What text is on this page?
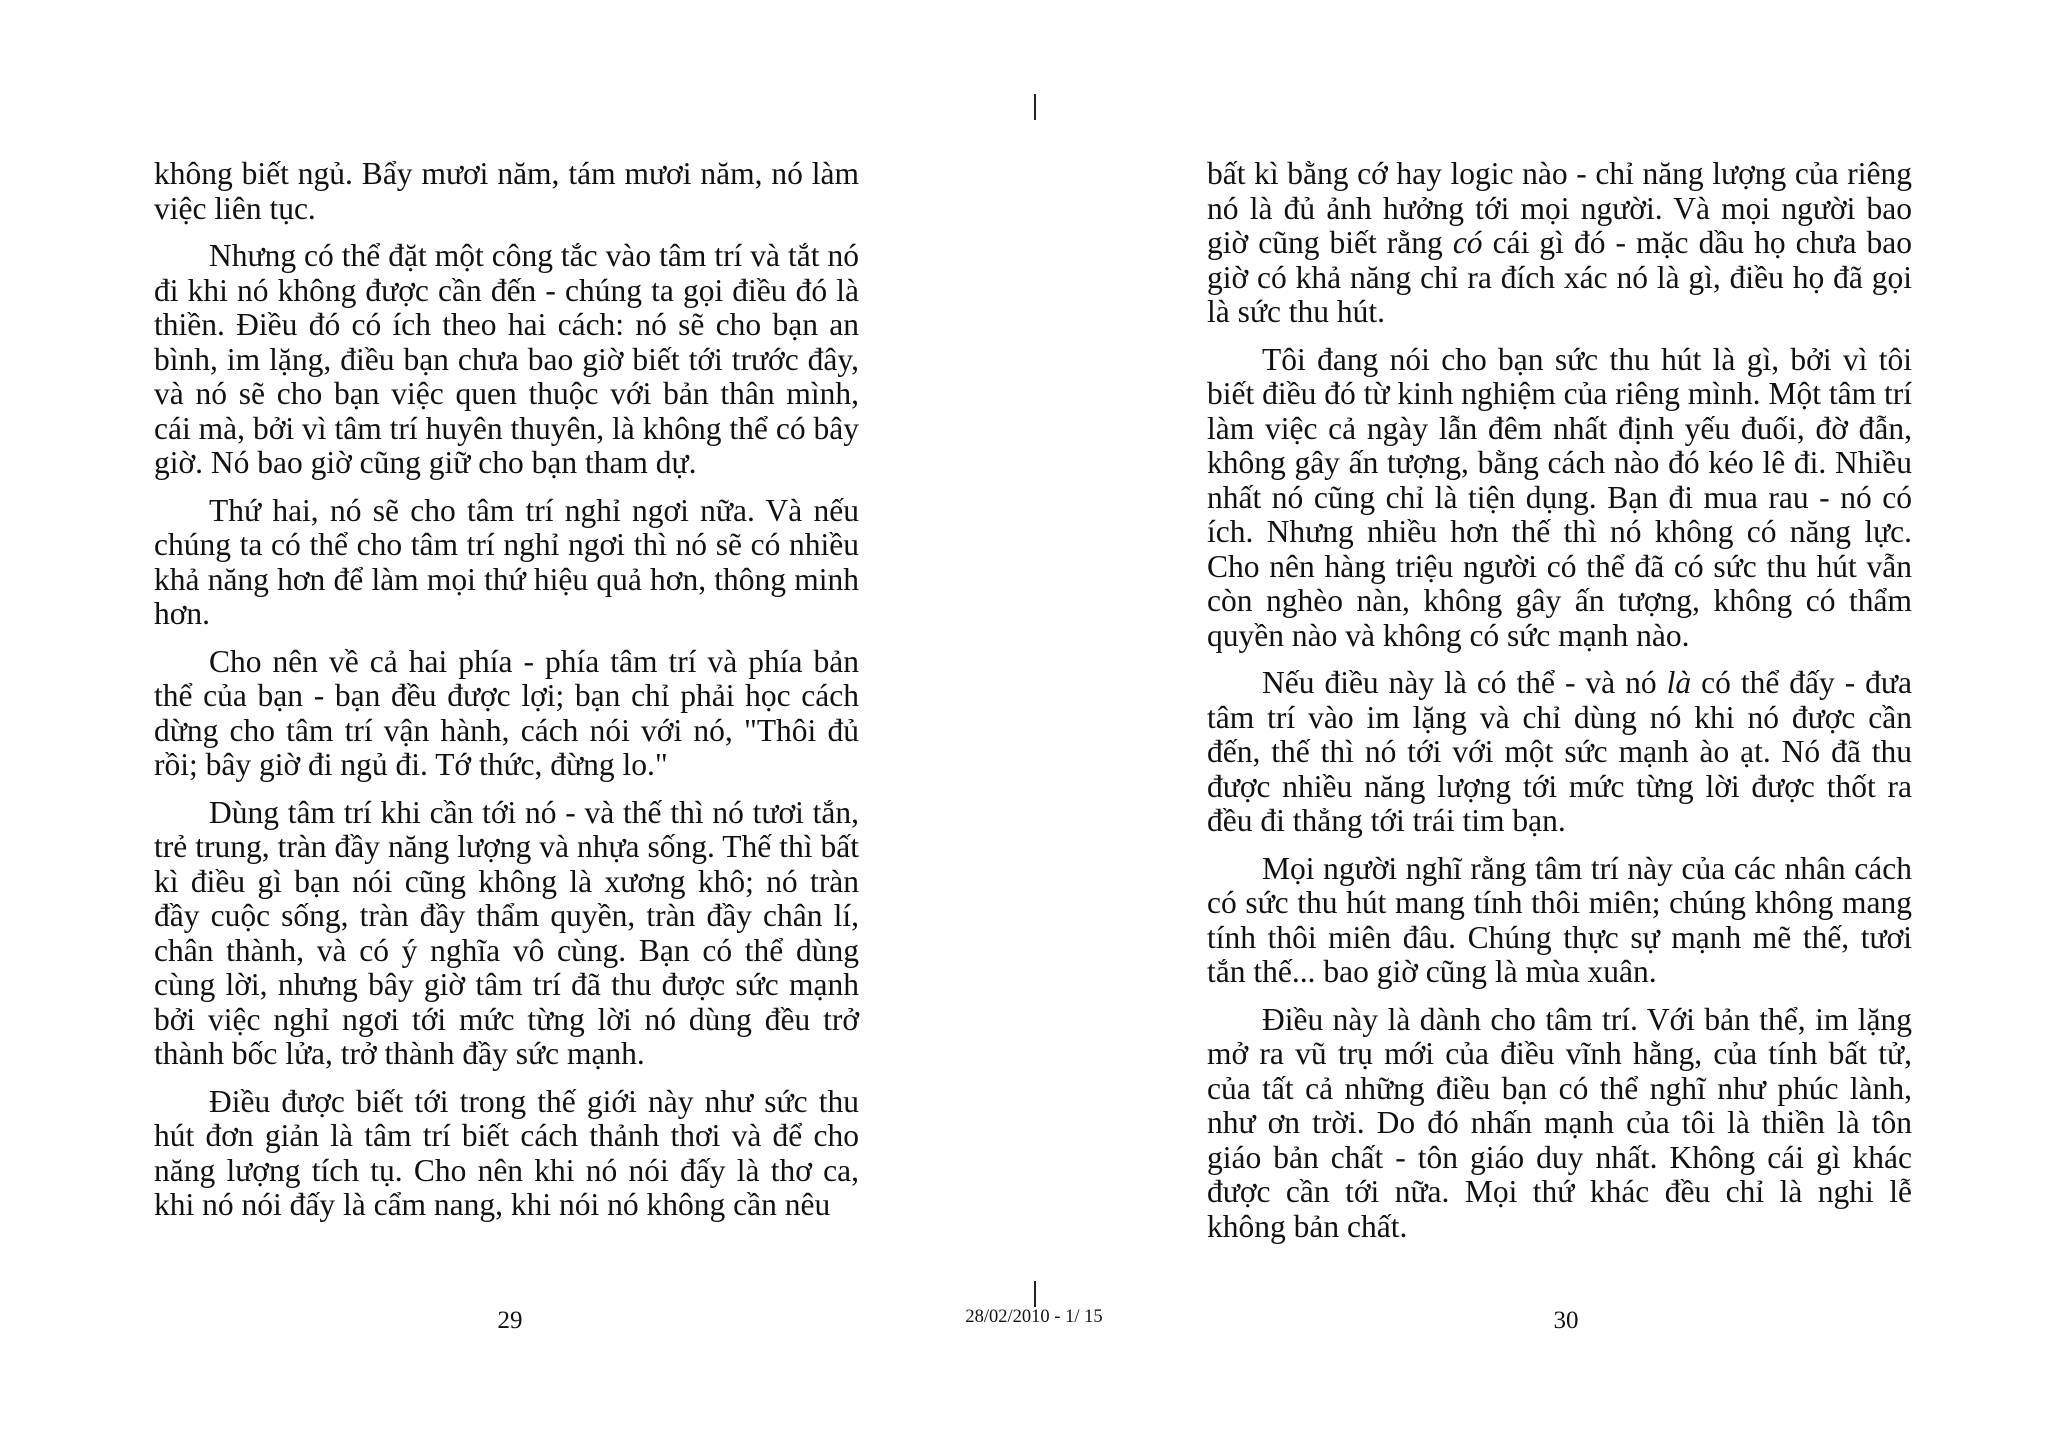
không biết ngủ. Bẩy mươi năm, tám mươi năm, nó làm việc liên tục.

Nhưng có thể đặt một công tắc vào tâm trí và tắt nó đi khi nó không được cần đến - chúng ta gọi điều đó là thiền. Điều đó có ích theo hai cách: nó sẽ cho bạn an bình, im lặng, điều bạn chưa bao giờ biết tới trước đây, và nó sẽ cho bạn việc quen thuộc với bản thân mình, cái mà, bởi vì tâm trí huyên thuyên, là không thể có bây giờ. Nó bao giờ cũng giữ cho bạn tham dự.

Thứ hai, nó sẽ cho tâm trí nghỉ ngơi nữa. Và nếu chúng ta có thể cho tâm trí nghỉ ngơi thì nó sẽ có nhiều khả năng hơn để làm mọi thứ hiệu quả hơn, thông minh hơn.

Cho nên về cả hai phía - phía tâm trí và phía bản thể của bạn - bạn đều được lợi; bạn chỉ phải học cách dừng cho tâm trí vận hành, cách nói với nó, "Thôi đủ rồi; bây giờ đi ngủ đi. Tớ thức, đừng lo."

Dùng tâm trí khi cần tới nó - và thế thì nó tươi tắn, trẻ trung, tràn đầy năng lượng và nhựa sống. Thế thì bất kì điều gì bạn nói cũng không là xương khô; nó tràn đầy cuộc sống, tràn đầy thẩm quyền, tràn đầy chân lí, chân thành, và có ý nghĩa vô cùng. Bạn có thể dùng cùng lời, nhưng bây giờ tâm trí đã thu được sức mạnh bởi việc nghỉ ngơi tới mức từng lời nó dùng đều trở thành bốc lửa, trở thành đầy sức mạnh.

Điều được biết tới trong thế giới này như sức thu hút đơn giản là tâm trí biết cách thảnh thơi và để cho năng lượng tích tụ. Cho nên khi nó nói đấy là thơ ca, khi nó nói đấy là cẩm nang, khi nói nó không cần nêu

bất kì bằng cớ hay logic nào - chỉ năng lượng của riêng nó là đủ ảnh hưởng tới mọi người. Và mọi người bao giờ cũng biết rằng có cái gì đó - mặc dầu họ chưa bao giờ có khả năng chỉ ra đích xác nó là gì, điều họ đã gọi là sức thu hút.

Tôi đang nói cho bạn sức thu hút là gì, bởi vì tôi biết điều đó từ kinh nghiệm của riêng mình. Một tâm trí làm việc cả ngày lẫn đêm nhất định yếu đuối, đờ đẫn, không gây ấn tượng, bằng cách nào đó kéo lê đi. Nhiều nhất nó cũng chỉ là tiện dụng. Bạn đi mua rau - nó có ích. Nhưng nhiều hơn thế thì nó không có năng lực. Cho nên hàng triệu người có thể đã có sức thu hút vẫn còn nghèo nàn, không gây ấn tượng, không có thẩm quyền nào và không có sức mạnh nào.

Nếu điều này là có thể - và nó là có thể đấy - đưa tâm trí vào im lặng và chỉ dùng nó khi nó được cần đến, thế thì nó tới với một sức mạnh ào ạt. Nó đã thu được nhiều năng lượng tới mức từng lời được thốt ra đều đi thẳng tới trái tim bạn.

Mọi người nghĩ rằng tâm trí này của các nhân cách có sức thu hút mang tính thôi miên; chúng không mang tính thôi miên đâu. Chúng thực sự mạnh mẽ thế, tươi tắn thế... bao giờ cũng là mùa xuân.

Điều này là dành cho tâm trí. Với bản thể, im lặng mở ra vũ trụ mới của điều vĩnh hằng, của tính bất tử, của tất cả những điều bạn có thể nghĩ như phúc lành, như ơn trời. Do đó nhấn mạnh của tôi là thiền là tôn giáo bản chất - tôn giáo duy nhất. Không cái gì khác được cần tới nữa. Mọi thứ khác đều chỉ là nghi lễ không bản chất.

29	28/02/2010 - 1/ 15	30
